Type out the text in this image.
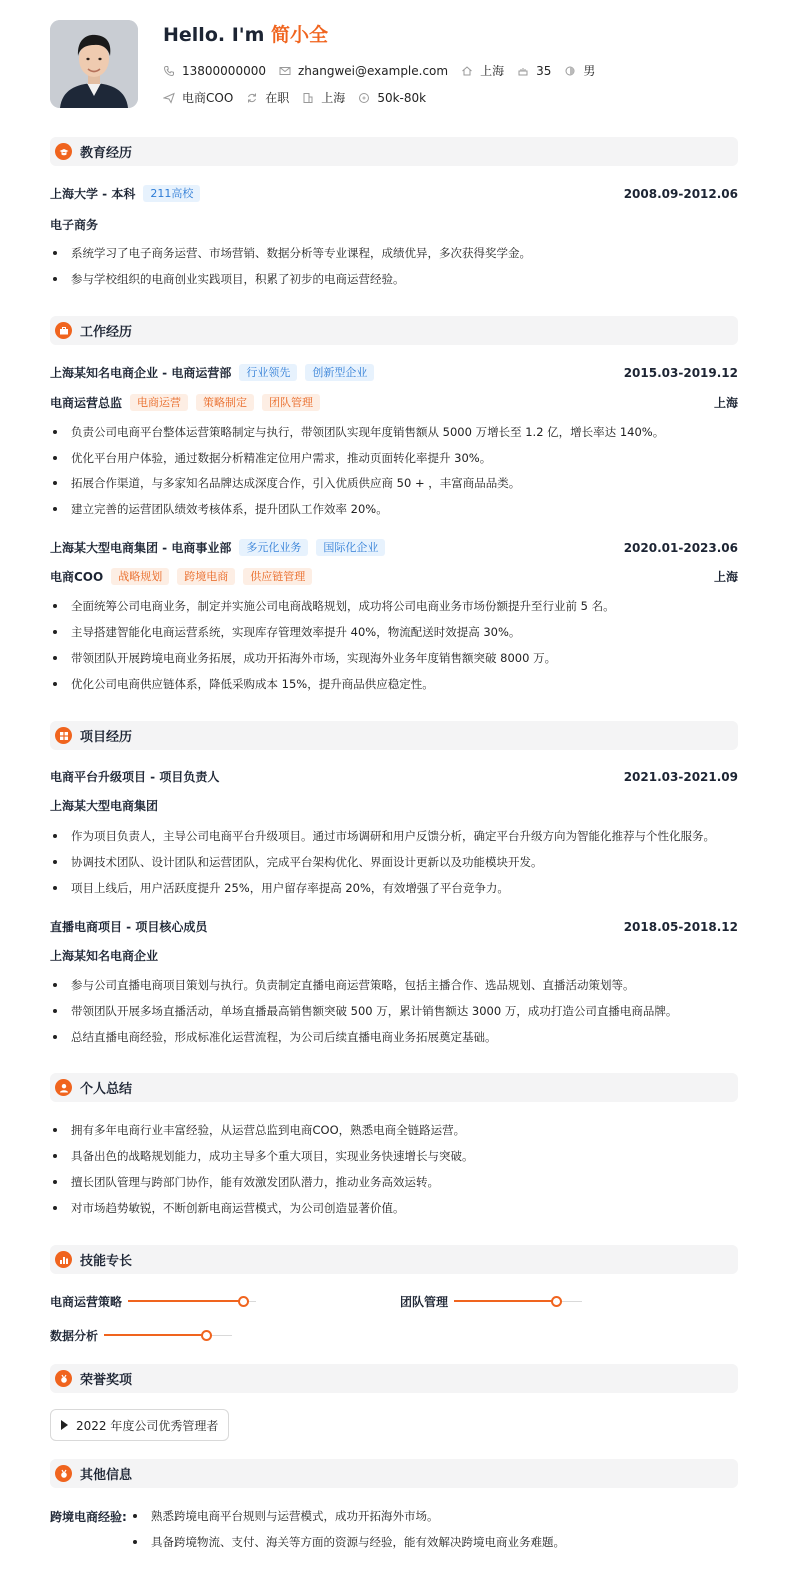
Hello. I'm 简小全
13800000000	zhangwei@example.com	上海	35	男
电商COO	在职	上海	50k-80k
教育经历
上海大学 - 本科	211高校	2008.09-2012.06
电子商务
系统学习了电子商务运营、市场营销、数据分析等专业课程，成绩优异，多次获得奖学金。
参与学校组织的电商创业实践项目，积累了初步的电商运营经验。
工作经历
上海某知名电商企业 - 电商运营部	行业领先	创新型企业	2015.03-2019.12
电商运营总监	电商运营	策略制定	团队管理	上海
负责公司电商平台整体运营策略制定与执行，带领团队实现年度销售额从 5000 万增长至 1.2 亿，增长率达 140%。
优化平台用户体验，通过数据分析精准定位用户需求，推动页面转化率提升 30%。
拓展合作渠道，与多家知名品牌达成深度合作，引入优质供应商 50 + ，丰富商品品类。
建立完善的运营团队绩效考核体系，提升团队工作效率 20%。
上海某大型电商集团 - 电商事业部	多元化业务	国际化企业	2020.01-2023.06
电商COO	战略规划	跨境电商	供应链管理	上海
全面统筹公司电商业务，制定并实施公司电商战略规划，成功将公司电商业务市场份额提升至行业前 5 名。
主导搭建智能化电商运营系统，实现库存管理效率提升 40%，物流配送时效提高 30%。
带领团队开展跨境电商业务拓展，成功开拓海外市场，实现海外业务年度销售额突破 8000 万。
优化公司电商供应链体系，降低采购成本 15%，提升商品供应稳定性。
项目经历
电商平台升级项目 - 项目负责人	2021.03-2021.09
上海某大型电商集团
作为项目负责人，主导公司电商平台升级项目。通过市场调研和用户反馈分析，确定平台升级方向为智能化推荐与个性化服务。
协调技术团队、设计团队和运营团队，完成平台架构优化、界面设计更新以及功能模块开发。
项目上线后，用户活跃度提升 25%，用户留存率提高 20%，有效增强了平台竞争力。
直播电商项目 - 项目核心成员	2018.05-2018.12
上海某知名电商企业
参与公司直播电商项目策划与执行。负责制定直播电商运营策略，包括主播合作、选品规划、直播活动策划等。
带领团队开展多场直播活动，单场直播最高销售额突破 500 万，累计销售额达 3000 万，成功打造公司直播电商品牌。
总结直播电商经验，形成标准化运营流程，为公司后续直播电商业务拓展奠定基础。
个人总结
拥有多年电商行业丰富经验，从运营总监到电商COO，熟悉电商全链路运营。
具备出色的战略规划能力，成功主导多个重大项目，实现业务快速增长与突破。
擅长团队管理与跨部门协作，能有效激发团队潜力，推动业务高效运转。
对市场趋势敏锐，不断创新电商运营模式，为公司创造显著价值。
技能专长
电商运营策略	团队管理
数据分析
荣誉奖项
2022 年度公司优秀管理者
其他信息
跨境电商经验:	熟悉跨境电商平台规则与运营模式，成功开拓海外市场。
具备跨境物流、支付、海关等方面的资源与经验，能有效解决跨境电商业务难题。
